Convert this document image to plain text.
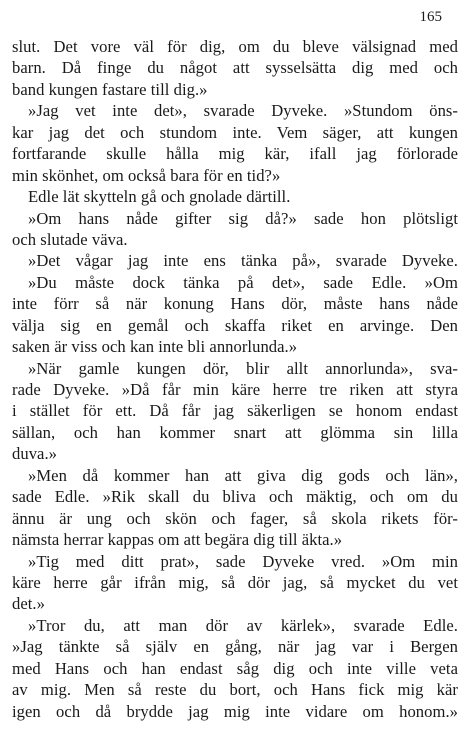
165
slut. Det vore väl för dig, om du bleve välsignad med
barn. Då finge du något att sysselsätta dig med och
band kungen fastare till dig.»
»Jag vet inte det», svarade Dyveke. »Stundom öns-
kar jag det och stundom inte. Vem säger, att kungen
fortfarande skulle hålla mig kär, ifall jag förlorade
min skönhet, om också bara för en tid?»
Edle lät skytteln gå och gnolade därtill.
»Om hans nåde gifter sig då?» sade hon plötsligt
och slutade väva.
»Det vågar jag inte ens tänka på», svarade Dyveke.
»Du måste dock tänka på det», sade Edle. »Om
inte förr så när konung Hans dör, måste hans nåde
välja sig en gemål och skaffa riket en arvinge. Den
saken är viss och kan inte bli annorlunda.»
»När gamle kungen dör, blir allt annorlunda», sva-
rade Dyveke. »Då får min käre herre tre riken att styra
i stället för ett. Då får jag säkerligen se honom endast
sällan, och han kommer snart att glömma sin lilla
duva.»
»Men då kommer han att giva dig gods och län»,
sade Edle. »Rik skall du bliva och mäktig, och om du
ännu är ung och skön och fager, så skola rikets för-
nämsta herrar kappas om att begära dig till äkta.»
»Tig med ditt prat», sade Dyveke vred. »Om min
käre herre går ifrån mig, så dör jag, så mycket du vet
det.»
»Tror du, att man dör av kärlek», svarade Edle.
»Jag tänkte så själv en gång, när jag var i Bergen
med Hans och han endast såg dig och inte ville veta
av mig. Men så reste du bort, och Hans fick mig kär
igen och då brydde jag mig inte vidare om honom.»
